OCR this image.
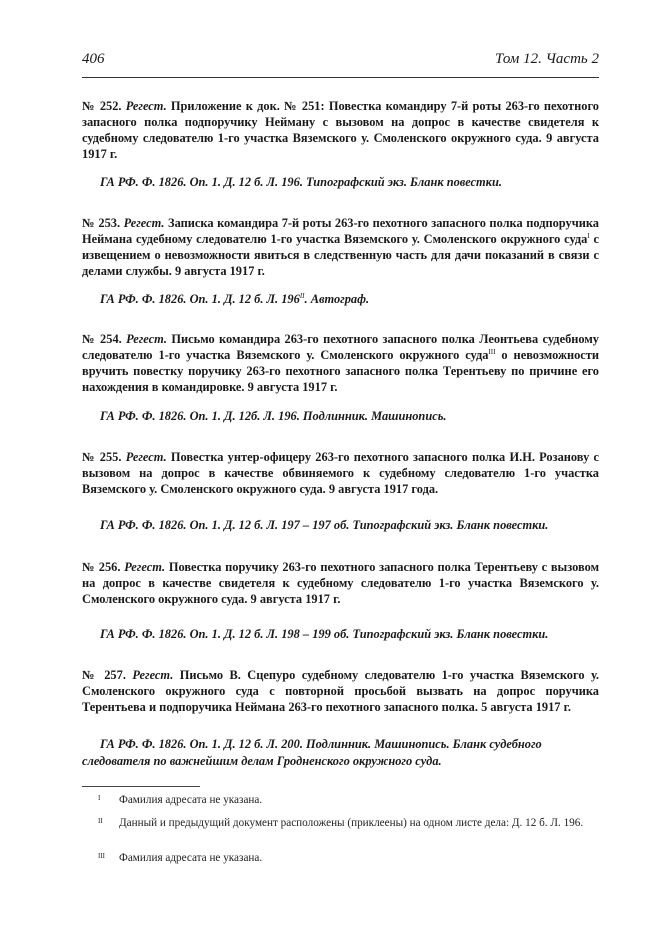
406	Том 12. Часть 2
№ 252. Регест. Приложение к док. № 251: Повестка командиру 7-й роты 263-го пехотного запасного полка подпоручику Нейману с вызовом на допрос в качестве свидетеля к судебному следователю 1-го участка Вяземского у. Смоленского окружного суда. 9 августа 1917 г.
ГА РФ. Ф. 1826. Оп. 1. Д. 12 б. Л. 196. Типографский экз. Бланк повестки.
№ 253. Регест. Записка командира 7-й роты 263-го пехотного запасного полка подпоручика Неймана судебному следователю 1-го участка Вяземского у. Смоленского окружного суда$^I$ с извещением о невозможности явиться в следственную часть для дачи показаний в связи с делами службы. 9 августа 1917 г.
ГА РФ. Ф. 1826. Оп. 1. Д. 12 б. Л. $196^{II}$. Автограф.
№ 254. Регест. Письмо командира 263-го пехотного запасного полка Леонтьева судебному следователю 1-го участка Вяземского у. Смоленского окружного суда$^{III}$ о невозможности вручить повестку поручику 263-го пехотного запасного полка Терентьеву по причине его нахождения в командировке. 9 августа 1917 г.
ГА РФ. Ф. 1826. Оп. 1. Д. 12б. Л. 196. Подлинник. Машинопись.
№ 255. Регест. Повестка унтер-офицеру 263-го пехотного запасного полка И.Н. Розанову с вызовом на допрос в качестве обвиняемого к судебному следователю 1-го участка Вяземского у. Смоленского окружного суда. 9 августа 1917 года.
ГА РФ. Ф. 1826. Оп. 1. Д. 12 б. Л. 197 – 197 об. Типографский экз. Бланк повестки.
№ 256. Регест. Повестка поручику 263-го пехотного запасного полка Терентьеву с вызовом на допрос в качестве свидетеля к судебному следователю 1-го участка Вяземского у. Смоленского окружного суда. 9 августа 1917 г.
ГА РФ. Ф. 1826. Оп. 1. Д. 12 б. Л. 198 – 199 об. Типографский экз. Бланк повестки.
№ 257. Регест. Письмо В. Сцепуро судебному следователю 1-го участка Вяземского у. Смоленского окружного суда с повторной просьбой вызвать на допрос поручика Терентьева и подпоручика Неймана 263-го пехотного запасного полка. 5 августа 1917 г.
ГА РФ. Ф. 1826. Оп. 1. Д. 12 б. Л. 200. Подлинник. Машинопись. Бланк судебного следователя по важнейшим делам Гродненского окружного суда.
I	Фамилия адресата не указана.
II	Данный и предыдущий документ расположены (приклеены) на одном листе дела: Д. 12 б. Л. 196.
III	Фамилия адресата не указана.
